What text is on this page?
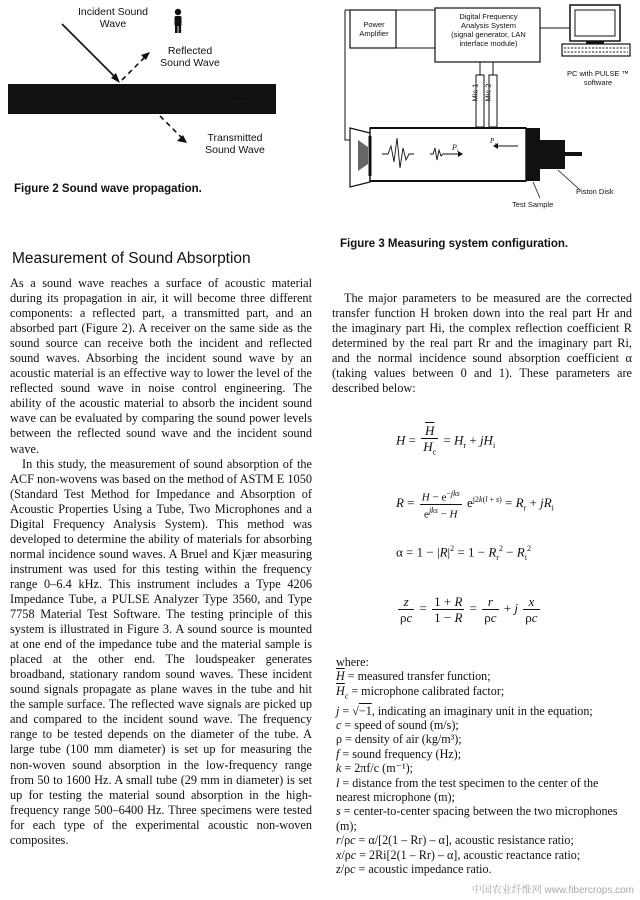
_ _ _ _
Incident Sound
Wave
Reflected
Sound Wave
Transmitted
Sound Wave
Figure 2 Sound wave propagation.
P i
P r
Power
Amplifier
Digital Frequency
Analysis System
(signal generator, LAN
interface module)
PC with PULSE ™
software
Mic 1 Mic 2
Piston Disk
Test Sample
Figure 3 Measuring system configuration.
Measurement of Sound Absorption

As a sound wave reaches a surface of acoustic material during its propagation in air, it will become three different components: a reflected part, a transmitted part, and an absorbed part (Figure 2). A receiver on the same side as the sound source can receive both the incident and reflected sound waves. Absorbing the incident sound wave by an acoustic material is an effective way to lower the level of the reflected sound wave in noise control engineering. The ability of the acoustic material to absorb the incident sound wave can be evaluated by comparing the sound power levels between the reflected sound wave and the incident sound wave.

In this study, the measurement of sound absorption of the ACF non-wovens was based on the method of ASTM E 1050 (Standard Test Method for Impedance and Absorption of Acoustic Properties Using a Tube, Two Microphones and a Digital Frequency Analysis System). This method was developed to determine the ability of materials for absorbing normal incidence sound waves. A Bruel and Kjær measuring instrument was used for this testing within the frequency range 0–6.4 kHz. This instrument includes a Type 4206 Impedance Tube, a PULSE Analyzer Type 3560, and Type 7758 Material Test Software. The testing principle of this system is illustrated in Figure 3. A sound source is mounted at one end of the impedance tube and the material sample is placed at the other end. The loudspeaker generates broadband, stationary random sound waves. These incident sound signals propagate as plane waves in the tube and hit the sample surface. The reflected wave signals are picked up and compared to the incident sound wave. The frequency range to be tested depends on the diameter of the tube. A large tube (100 mm diameter) is set up for measuring the non-woven sound absorption in the low-frequency range from 50 to 1600 Hz. A small tube (29 mm in diameter) is set up for testing the material sound absorption in the high-frequency range 500–6400 Hz. Three specimens were tested for each type of the experimental acoustic non-woven composites.

The major parameters to be measured are the corrected transfer function H broken down into the real part Hr and the imaginary part Hi, the complex reflection coefficient R determined by the real part Rr and the imaginary part Ri, and the normal incidence sound absorption coefficient α (taking values between 0 and 1). These parameters are described below:

$H = \frac{\overline{H}}{\overline{H}_c} = H_r + jH_i$
$R = \frac{H - e^{-jks}}{e^{jks} - H} e^{j2k(l + s)} = R_r + jR_i$
$\alpha = 1 - |R|^2 = 1 - R_r^2 - R_i^2$
$\frac{z}{\rho c} = \frac{1 + R}{1 - R} = \frac{r}{\rho c} + j \frac{x}{\rho c}$
where:
$\overline{H}$ = measured transfer function;
$\overline{H}_c$ = microphone calibrated factor;
j = √−1, indicating an imaginary unit in the equation;
c = speed of sound (m/s);
ρ = density of air (kg/m³);
f = sound frequency (Hz);
k = 2πf/c (m⁻¹);
l = distance from the test specimen to the center of the nearest microphone (m);
s = center-to-center spacing between the two microphones (m);
r/ρc = α/[2(1 – Rr) – α], acoustic resistance ratio;
x/ρc = 2Ri[2(1 – Rr) – α], acoustic reactance ratio;
z/ρc = acoustic impedance ratio.
中国农业纤维网 www.fibercrops.com
